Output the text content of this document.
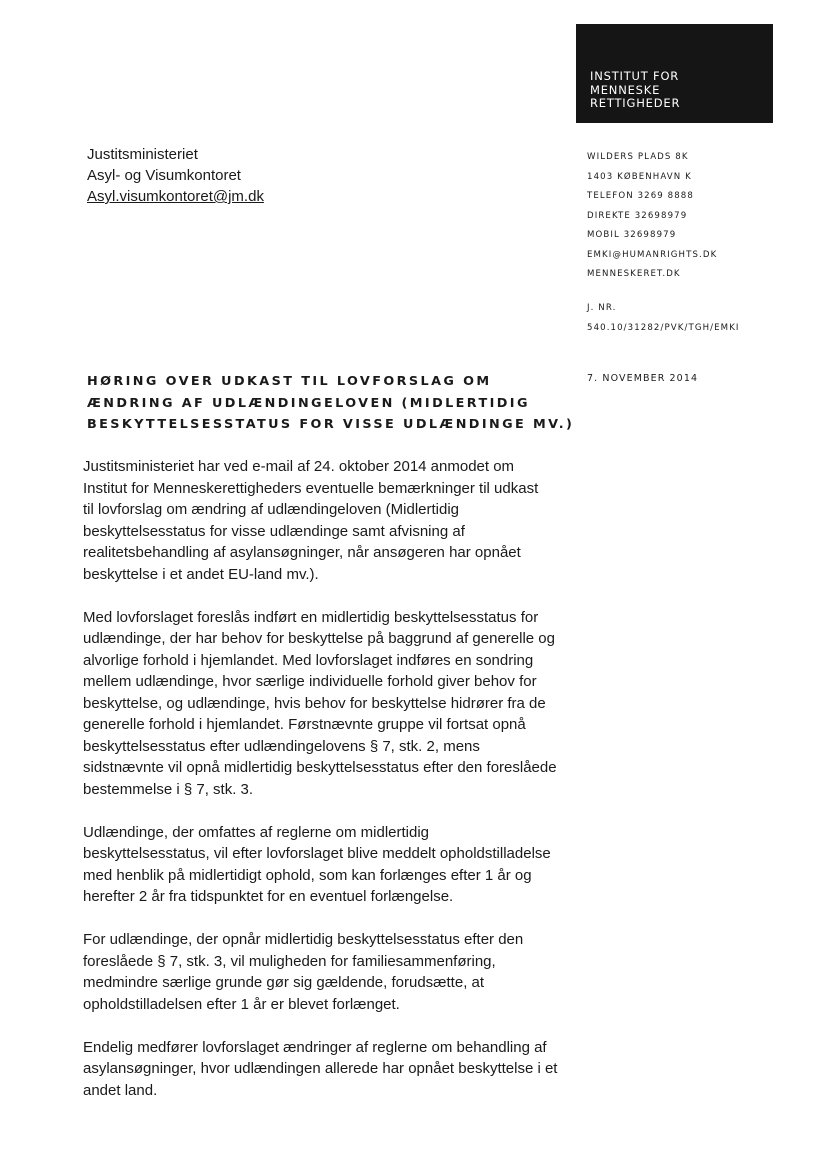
INSTITUT FOR
MENNESKE
RETTIGHEDER
Justitsministeriet
Asyl- og Visumkontoret
Asyl.visumkontoret@jm.dk
WILDERS PLADS 8K
1403 KØBENHAVN K
TELEFON 3269 8888
DIREKTE 32698979
MOBIL 32698979
EMKI@HUMANRIGHTS.DK
MENNESKERET.DK
J. NR.
540.10/31282/PVK/TGH/EMKI
7. NOVEMBER 2014
HØRING OVER UDKAST TIL LOVFORSLAG OM
ÆNDRING AF UDLÆNDINGELOVEN (MIDLERTIDIG
BESKYTTELSESSTATUS FOR VISSE UDLÆNDINGE MV.)
Justitsministeriet har ved e-mail af 24. oktober 2014 anmodet om
Institut for Menneskerettigheders eventuelle bemærkninger til udkast
til lovforslag om ændring af udlændingeloven (Midlertidig
beskyttelsesstatus for visse udlændinge samt afvisning af
realitetsbehandling af asylansøgninger, når ansøgeren har opnået
beskyttelse i et andet EU-land mv.).
Med lovforslaget foreslås indført en midlertidig beskyttelsesstatus for
udlændinge, der har behov for beskyttelse på baggrund af generelle og
alvorlige forhold i hjemlandet. Med lovforslaget indføres en sondring
mellem udlændinge, hvor særlige individuelle forhold giver behov for
beskyttelse, og udlændinge, hvis behov for beskyttelse hidrører fra de
generelle forhold i hjemlandet. Førstnævnte gruppe vil fortsat opnå
beskyttelsesstatus efter udlændingelovens § 7, stk. 2, mens
sidstnævnte vil opnå midlertidig beskyttelsesstatus efter den foreslåede
bestemmelse i § 7, stk. 3.
Udlændinge, der omfattes af reglerne om midlertidig
beskyttelsesstatus, vil efter lovforslaget blive meddelt opholdstilladelse
med henblik på midlertidigt ophold, som kan forlænges efter 1 år og
herefter 2 år fra tidspunktet for en eventuel forlængelse.
For udlændinge, der opnår midlertidig beskyttelsesstatus efter den
foreslåede § 7, stk. 3, vil muligheden for familiesammenføring,
medmindre særlige grunde gør sig gældende, forudsætte, at
opholdstilladelsen efter 1 år er blevet forlænget.
Endelig medfører lovforslaget ændringer af reglerne om behandling af
asylansøgninger, hvor udlændingen allerede har opnået beskyttelse i et
andet land.
